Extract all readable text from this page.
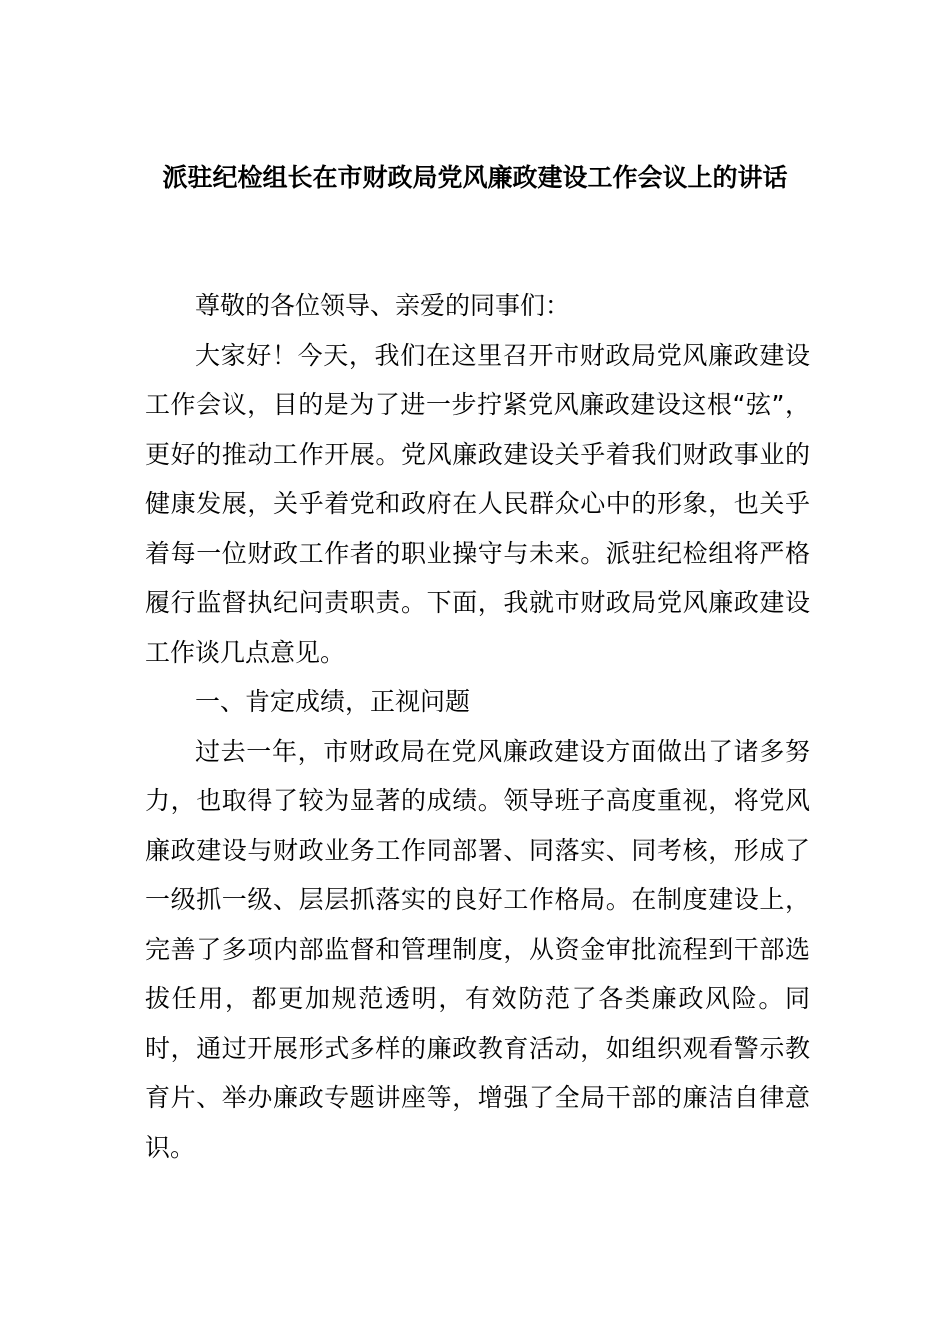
派驻纪检组长在市财政局党风廉政建设工作会议上的讲话

尊敬的各位领导、亲爱的同事们：

大家好！今天，我们在这里召开市财政局党风廉政建设工作会议，目的是为了进一步拧紧党风廉政建设这根“弦”，更好的推动工作开展。党风廉政建设关乎着我们财政事业的健康发展，关乎着党和政府在人民群众心中的形象，也关乎着每一位财政工作者的职业操守与未来。派驻纪检组将严格履行监督执纪问责职责。下面，我就市财政局党风廉政建设工作谈几点意见。

一、肯定成绩，正视问题

过去一年，市财政局在党风廉政建设方面做出了诸多努力，也取得了较为显著的成绩。领导班子高度重视，将党风廉政建设与财政业务工作同部署、同落实、同考核，形成了一级抓一级、层层抓落实的良好工作格局。在制度建设上，完善了多项内部监督和管理制度，从资金审批流程到干部选拔任用，都更加规范透明，有效防范了各类廉政风险。同时，通过开展形式多样的廉政教育活动，如组织观看警示教育片、举办廉政专题讲座等，增强了全局干部的廉洁自律意识。
